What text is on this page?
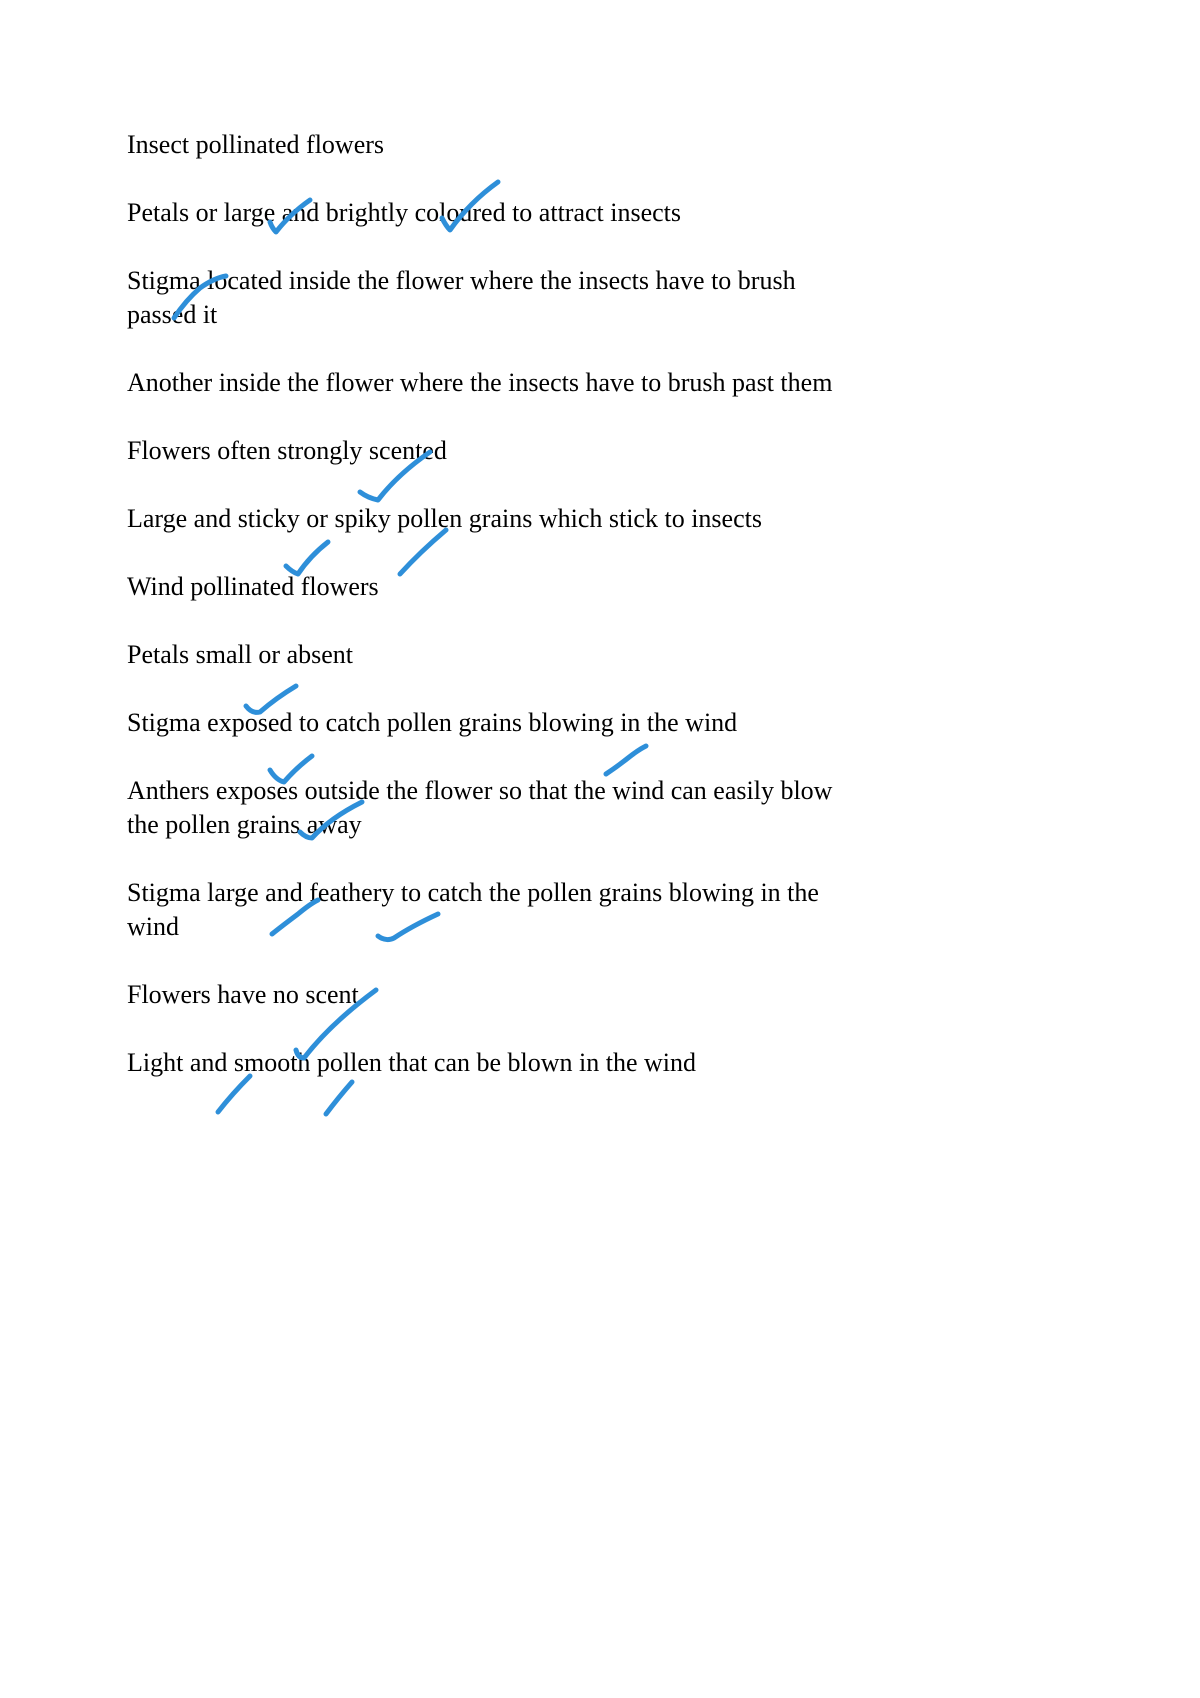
Insect pollinated flowers

Petals or large and brightly coloured to attract insects

Stigma located inside the flower where the insects have to brush passed it

Another inside the flower where the insects have to brush past them

Flowers often strongly scented

Large and sticky or spiky pollen grains which stick to insects

Wind pollinated flowers

Petals small or absent

Stigma exposed to catch pollen grains blowing in the wind

Anthers exposes outside the flower so that the wind can easily blow the pollen grains away

Stigma large and feathery to catch the pollen grains blowing in the wind

Flowers have no scent

Light and smooth pollen that can be blown in the wind
